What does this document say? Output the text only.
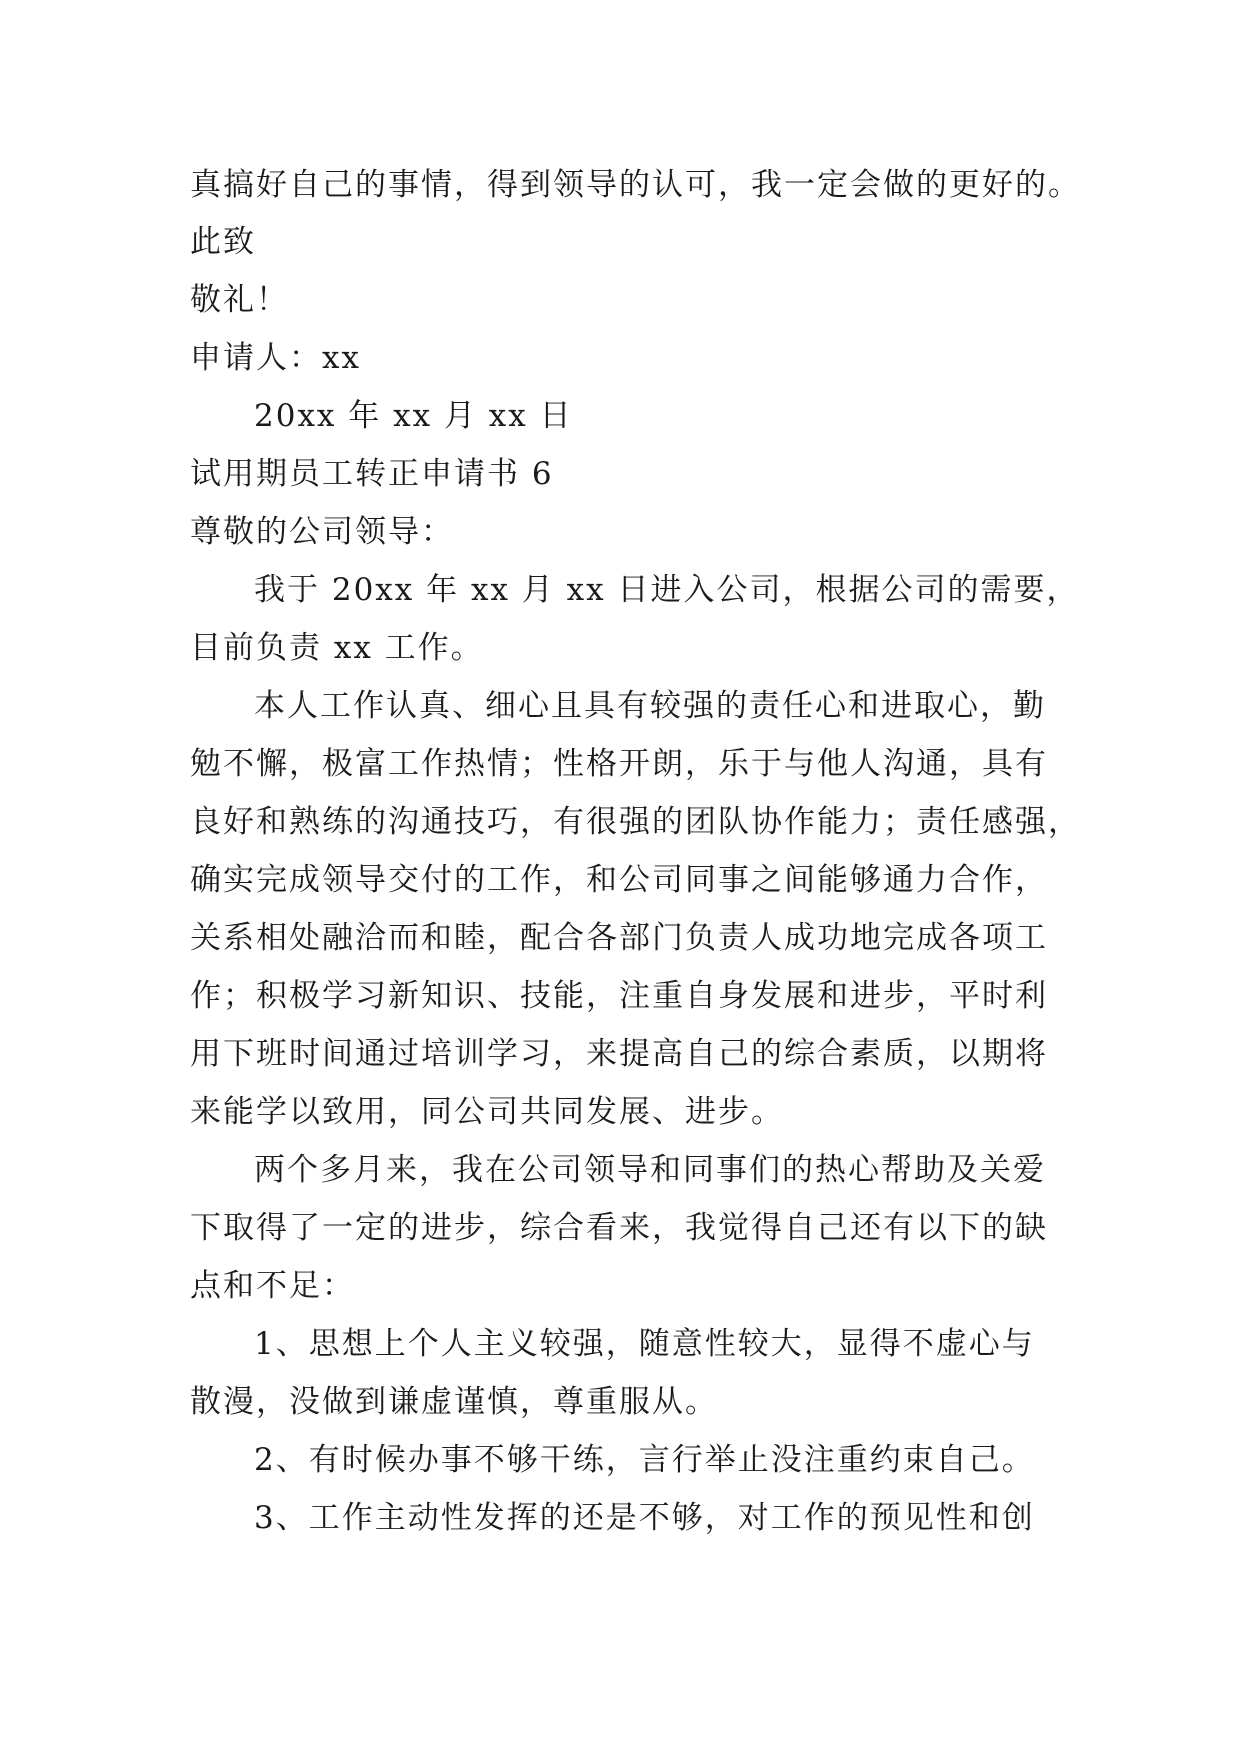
真搞好自己的事情，得到领导的认可，我一定会做的更好的。
此致
敬礼！
申请人：xx
20xx 年 xx 月 xx 日
试用期员工转正申请书 6
尊敬的公司领导：
我于 20xx 年 xx 月 xx 日进入公司，根据公司的需要，
目前负责 xx 工作。
本人工作认真、细心且具有较强的责任心和进取心，勤
勉不懈，极富工作热情；性格开朗，乐于与他人沟通，具有
良好和熟练的沟通技巧，有很强的团队协作能力；责任感强，
确实完成领导交付的工作，和公司同事之间能够通力合作，
关系相处融洽而和睦，配合各部门负责人成功地完成各项工
作；积极学习新知识、技能，注重自身发展和进步，平时利
用下班时间通过培训学习，来提高自己的综合素质，以期将
来能学以致用，同公司共同发展、进步。
两个多月来，我在公司领导和同事们的热心帮助及关爱
下取得了一定的进步，综合看来，我觉得自己还有以下的缺
点和不足：
1、思想上个人主义较强，随意性较大，显得不虚心与
散漫，没做到谦虚谨慎，尊重服从。
2、有时候办事不够干练，言行举止没注重约束自己。
3、工作主动性发挥的还是不够，对工作的预见性和创
